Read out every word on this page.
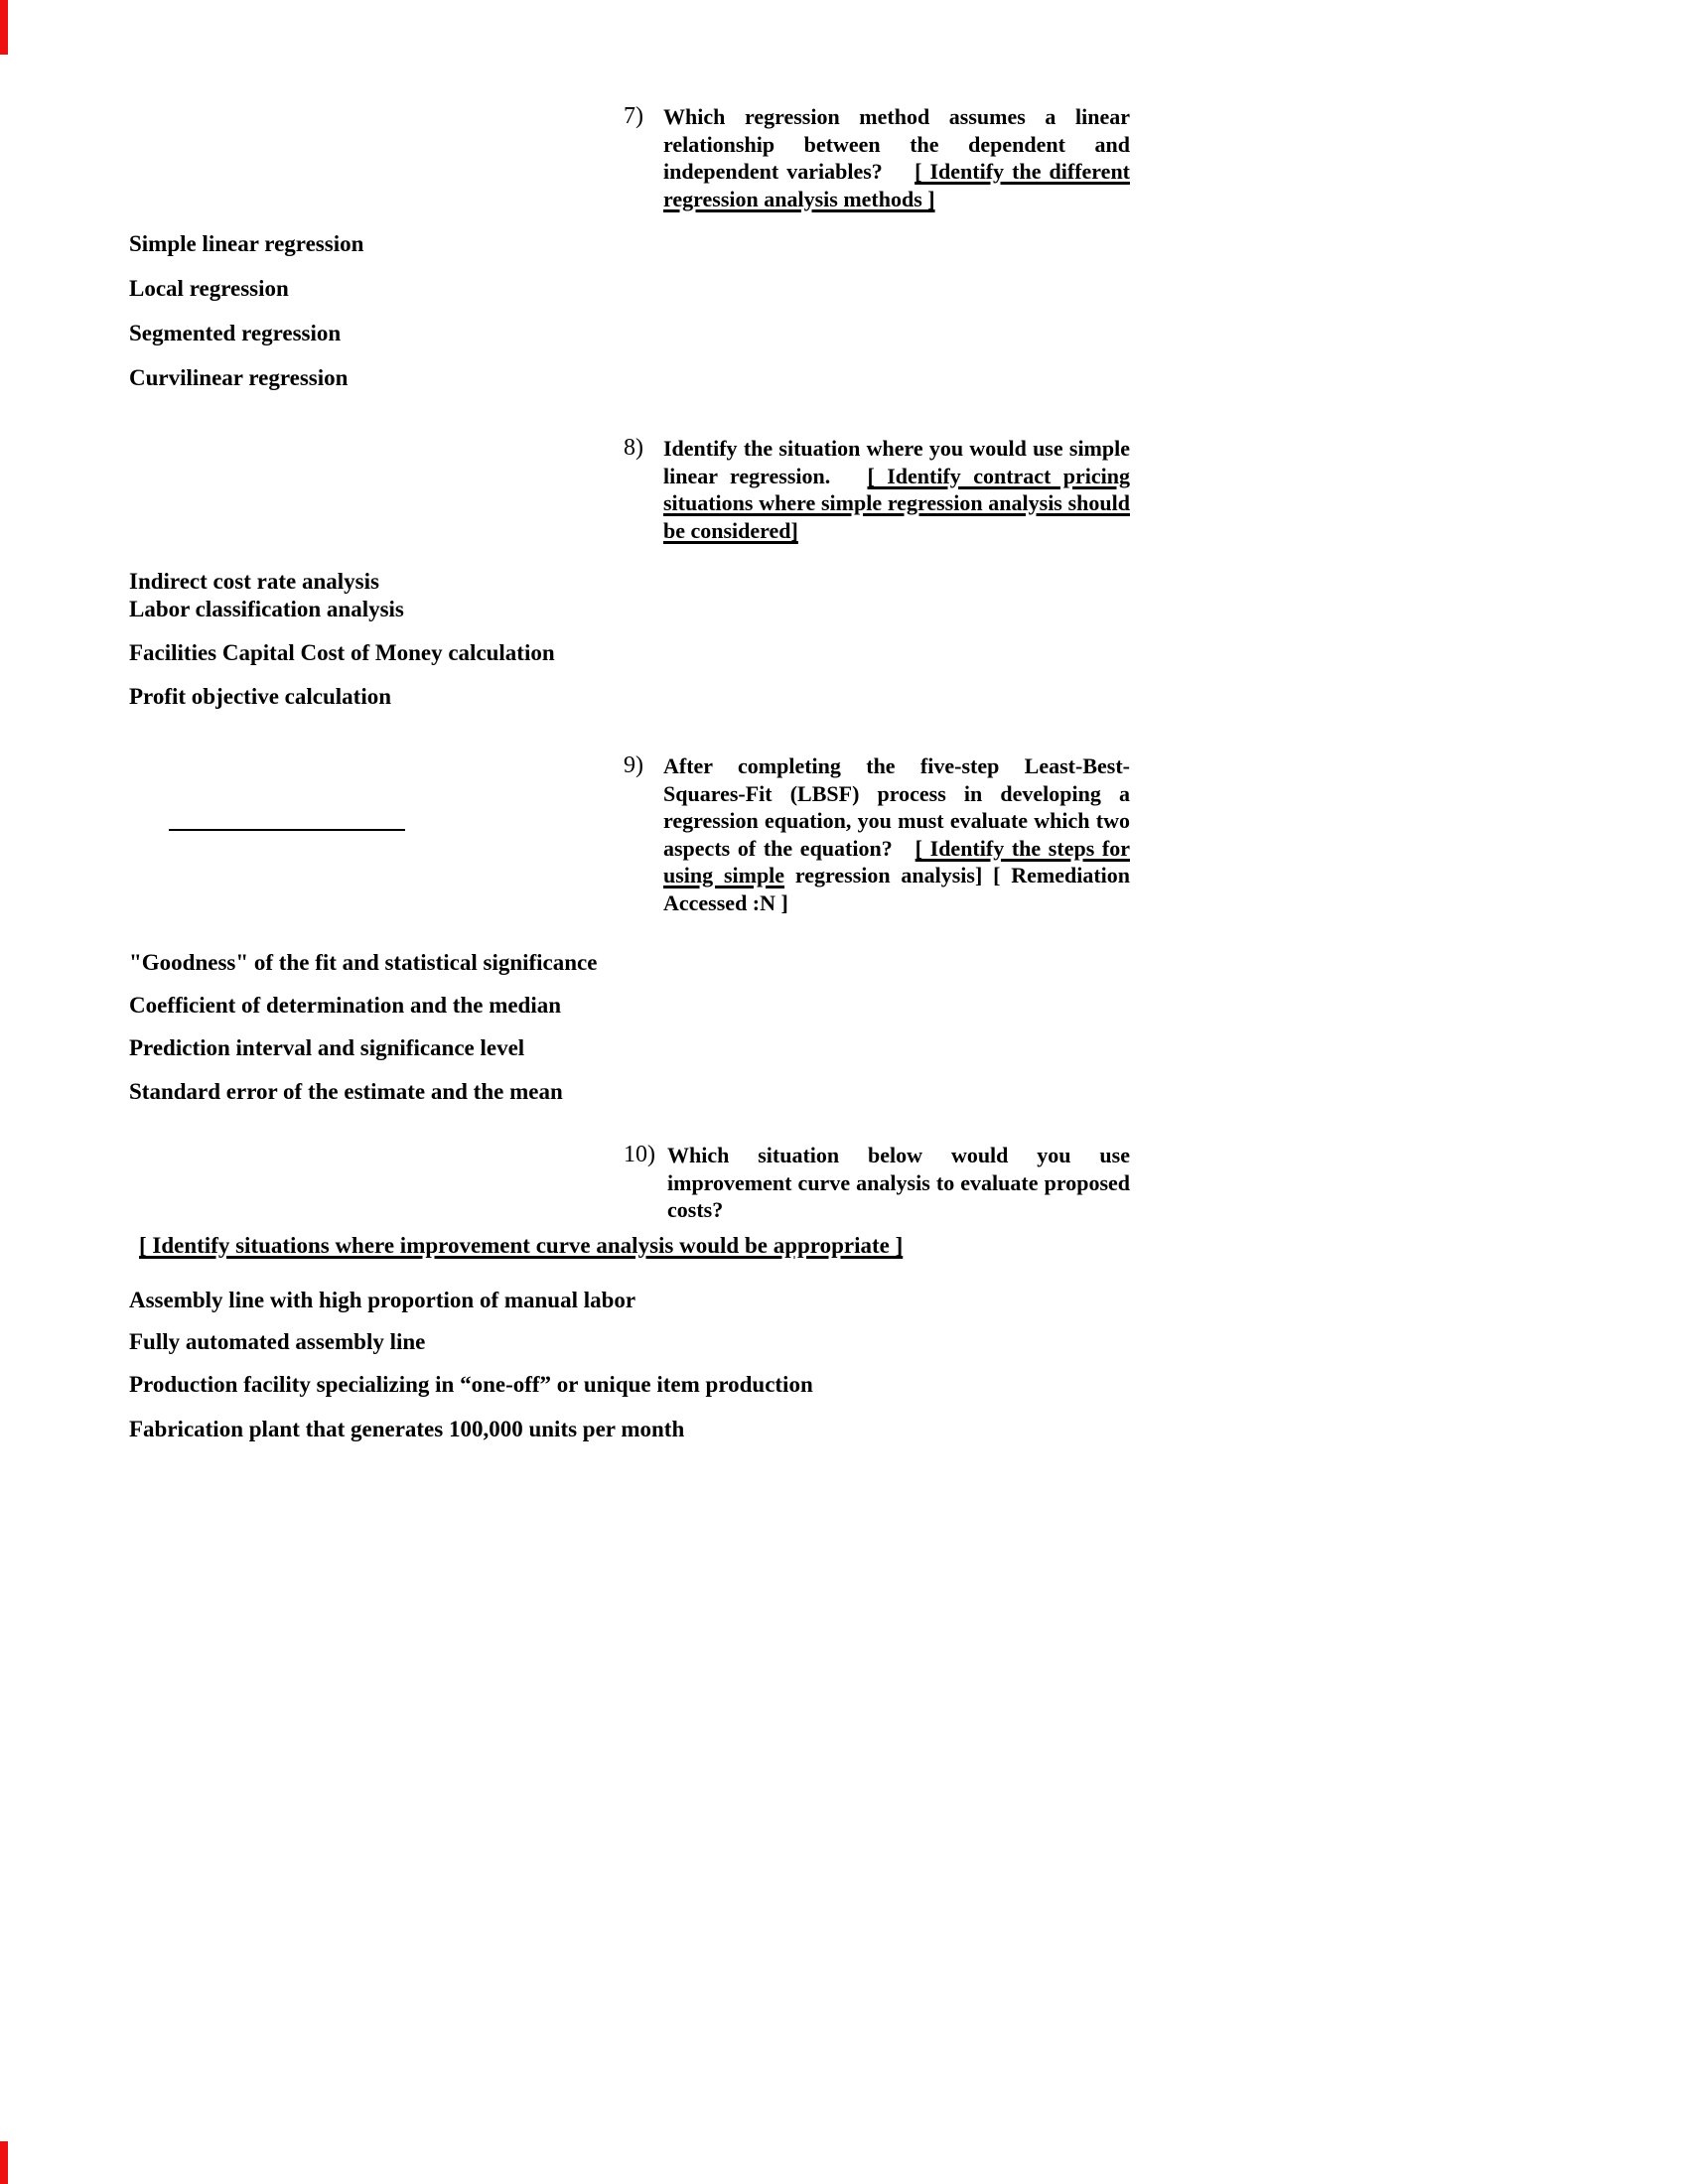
7) Which regression method assumes a linear relationship between the dependent and independent variables?    [ Identify the different regression analysis methods ]
Simple linear regression
Local regression
Segmented regression
Curvilinear regression
8) Identify the situation where you would use simple linear regression.   [ Identify contract pricing situations where simple regression analysis should be considered]
Indirect cost rate analysis
Labor classification analysis
Facilities Capital Cost of Money calculation
Profit objective calculation
9) After completing the five-step Least-Best-Squares-Fit (LBSF) process in developing a regression equation, you must evaluate which two aspects of the equation?   [ Identify the steps for using simple regression analysis] [ Remediation Accessed :N ]
"Goodness" of the fit and statistical significance
Coefficient of determination and the median
Prediction interval and significance level
Standard error of the estimate and the mean
10) Which situation below would you use improvement curve analysis to evaluate proposed costs?
[ Identify situations where improvement curve analysis would be appropriate ]
Assembly line with high proportion of manual labor
Fully automated assembly line
Production facility specializing in “one-off” or unique item production
Fabrication plant that generates 100,000 units per month
